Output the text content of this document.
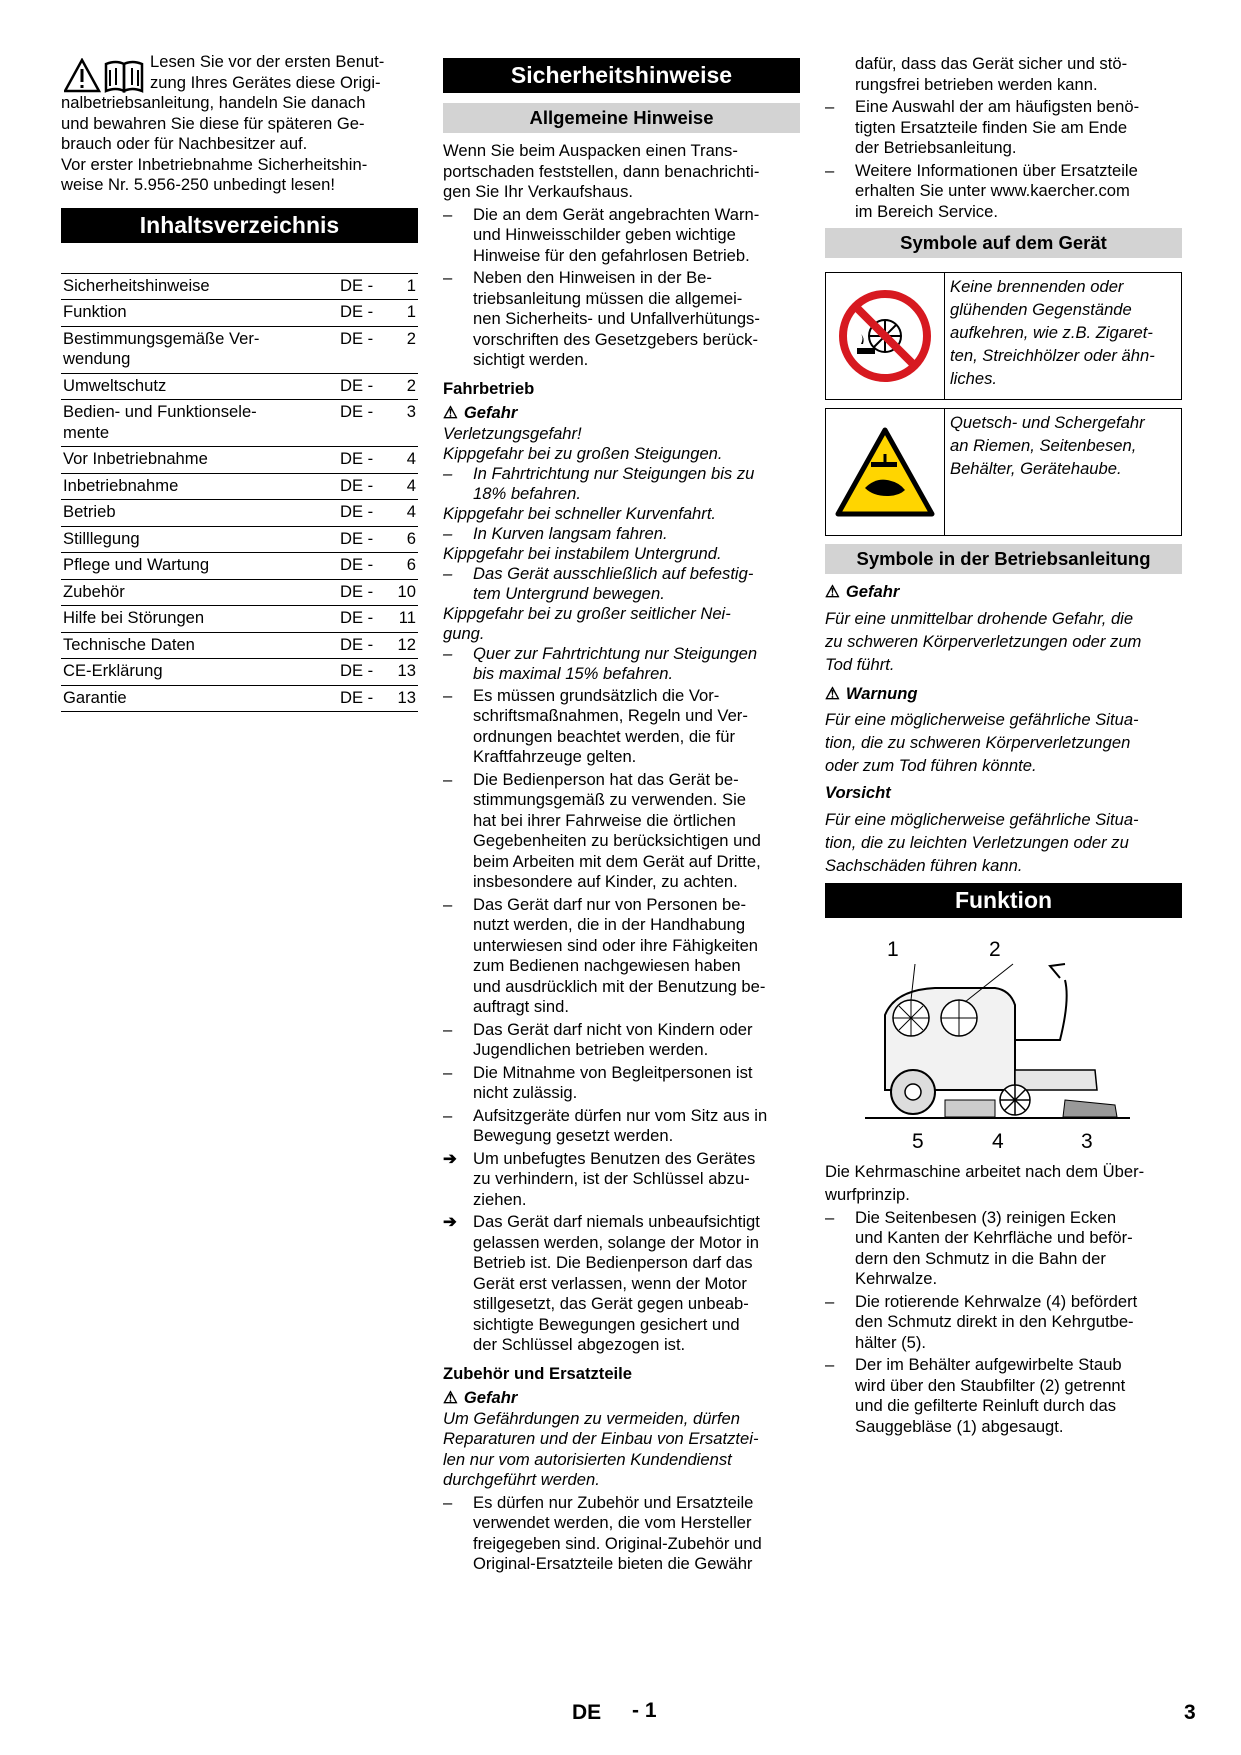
Lesen Sie vor der ersten Benut-

zung Ihres Gerätes diese Origi-

nalbetriebsanleitung, handeln Sie danach

und bewahren Sie diese für späteren Ge-

brauch oder für Nachbesitzer auf.

Vor erster Inbetriebnahme Sicherheitshin-

weise Nr. 5.956-250 unbedingt lesen!

Inhaltsverzeichnis
Sicherheitshinweise	DE -	1
Funktion	DE -	1
Bestimmungsgemäße Ver-
wendung	DE -	2
Umweltschutz	DE -	2
Bedien- und Funktionsele-
mente	DE -	3
Vor Inbetriebnahme	DE -	4
Inbetriebnahme	DE -	4
Betrieb	DE -	4
Stilllegung	DE -	6
Pflege und Wartung	DE -	6
Zubehör	DE -	10
Hilfe bei Störungen	DE -	11
Technische Daten	DE -	12
CE-Erklärung	DE -	13
Garantie	DE -	13
Sicherheitshinweise
Allgemeine Hinweise

Wenn Sie beim Auspacken einen Trans-
portschaden feststellen, dann benachrichti-
gen Sie Ihr Verkaufshaus.

– Die an dem Gerät angebrachten Warn-
und Hinweisschilder geben wichtige
Hinweise für den gefahrlosen Betrieb.
– Neben den Hinweisen in der Be-
triebsanleitung müssen die allgemei-
nen Sicherheits- und Unfallverhütungs-
vorschriften des Gesetzgebers berück-
sichtigt werden.

Fahrbetrieb

⚠ Gefahr

Verletzungsgefahr!

Kippgefahr bei zu großen Steigungen.

– In Fahrtrichtung nur Steigungen bis zu
18% befahren.

Kippgefahr bei schneller Kurvenfahrt.

– In Kurven langsam fahren.

Kippgefahr bei instabilem Untergrund.

– Das Gerät ausschließlich auf befestig-
tem Untergrund bewegen.

Kippgefahr bei zu großer seitlicher Nei-
gung.

– Quer zur Fahrtrichtung nur Steigungen
bis maximal 15% befahren.
– Es müssen grundsätzlich die Vor-
schriftsmaßnahmen, Regeln und Ver-
ordnungen beachtet werden, die für
Kraftfahrzeuge gelten.
– Die Bedienperson hat das Gerät be-
stimmungsgemäß zu verwenden. Sie
hat bei ihrer Fahrweise die örtlichen
Gegebenheiten zu berücksichtigen und
beim Arbeiten mit dem Gerät auf Dritte,
insbesondere auf Kinder, zu achten.
– Das Gerät darf nur von Personen be-
nutzt werden, die in der Handhabung
unterwiesen sind oder ihre Fähigkeiten
zum Bedienen nachgewiesen haben
und ausdrücklich mit der Benutzung be-
auftragt sind.
– Das Gerät darf nicht von Kindern oder
Jugendlichen betrieben werden.
– Die Mitnahme von Begleitpersonen ist
nicht zulässig.
– Aufsitzgeräte dürfen nur vom Sitz aus in
Bewegung gesetzt werden.
➔ Um unbefugtes Benutzen des Gerätes
zu verhindern, ist der Schlüssel abzu-
ziehen.
➔ Das Gerät darf niemals unbeaufsichtigt
gelassen werden, solange der Motor in
Betrieb ist. Die Bedienperson darf das
Gerät erst verlassen, wenn der Motor
stillgesetzt, das Gerät gegen unbeab-
sichtigte Bewegungen gesichert und
der Schlüssel abgezogen ist.

Zubehör und Ersatzteile

⚠ Gefahr

Um Gefährdungen zu vermeiden, dürfen
Reparaturen und der Einbau von Ersatztei-
len nur vom autorisierten Kundendienst
durchgeführt werden.

– Es dürfen nur Zubehör und Ersatzteile
verwendet werden, die vom Hersteller
freigegeben sind. Original-Zubehör und
Original-Ersatzteile bieten die Gewähr
dafür, dass das Gerät sicher und stö-
rungsfrei betrieben werden kann.
– Eine Auswahl der am häufigsten benö-
tigten Ersatzteile finden Sie am Ende
der Betriebsanleitung.
– Weitere Informationen über Ersatzteile
erhalten Sie unter www.kaercher.com
im Bereich Service.
Symbole auf dem Gerät
Keine brennenden oder
glühenden Gegenstände
aufkehren, wie z.B. Zigaret-
ten, Streichhölzer oder ähn-
liches.
Quetsch- und Schergefahr
an Riemen, Seitenbesen,
Behälter, Gerätehaube.
Symbole in der Betriebsanleitung

⚠ Gefahr

Für eine unmittelbar drohende Gefahr, die
zu schweren Körperverletzungen oder zum
Tod führt.

⚠ Warnung

Für eine möglicherweise gefährliche Situa-
tion, die zu schweren Körperverletzungen
oder zum Tod führen könnte.

Vorsicht

Für eine möglicherweise gefährliche Situa-
tion, die zu leichten Verletzungen oder zu
Sachschäden führen kann.

Funktion
1	2
5	4	3

Die Kehrmaschine arbeitet nach dem Über-
wurfprinzip.

– Die Seitenbesen (3) reinigen Ecken
und Kanten der Kehrfläche und beför-
dern den Schmutz in die Bahn der
Kehrwalze.
– Die rotierende Kehrwalze (4) befördert
den Schmutz direkt in den Kehrgutbe-
hälter (5).
– Der im Behälter aufgewirbelte Staub
wird über den Staubfilter (2) getrennt
und die gefilterte Reinluft durch das
Sauggebläse (1) abgesaugt.
DE - 1	3
